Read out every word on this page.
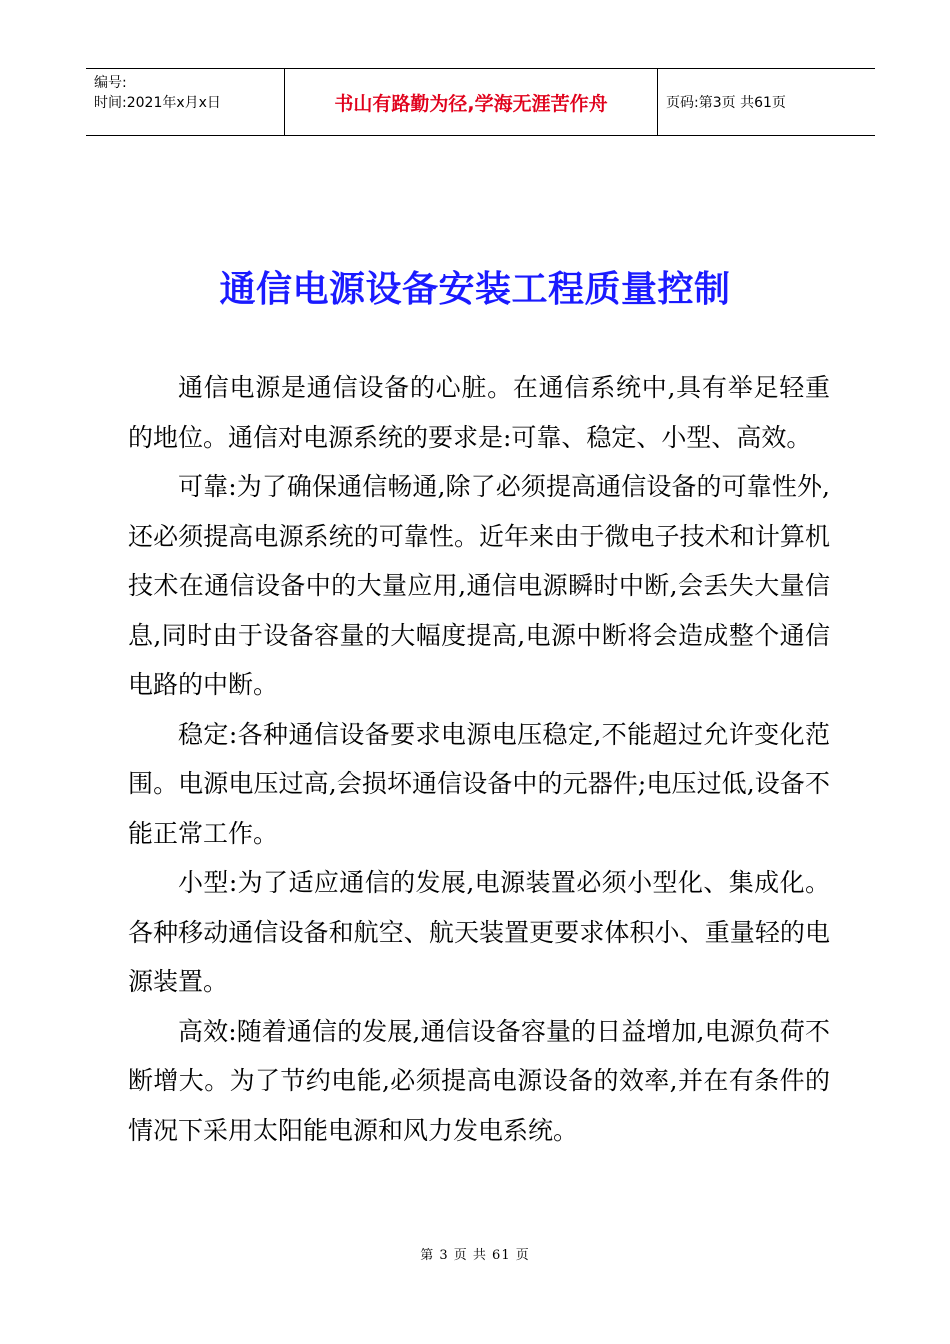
编号:
时间:2021年x月x日	书山有路勤为径,学海无涯苦作舟	页码:第3页 共61页
通信电源设备安装工程质量控制

通信电源是通信设备的心脏。在通信系统中,具有举足轻重的地位。通信对电源系统的要求是:可靠、稳定、小型、高效。

可靠:为了确保通信畅通,除了必须提高通信设备的可靠性外,还必须提高电源系统的可靠性。近年来由于微电子技术和计算机技术在通信设备中的大量应用,通信电源瞬时中断,会丢失大量信息,同时由于设备容量的大幅度提高,电源中断将会造成整个通信电路的中断。

稳定:各种通信设备要求电源电压稳定,不能超过允许变化范围。电源电压过高,会损坏通信设备中的元器件;电压过低,设备不能正常工作。

小型:为了适应通信的发展,电源装置必须小型化、集成化。各种移动通信设备和航空、航天装置更要求体积小、重量轻的电源装置。

高效:随着通信的发展,通信设备容量的日益增加,电源负荷不断增大。为了节约电能,必须提高电源设备的效率,并在有条件的情况下采用太阳能电源和风力发电系统。

第 3 页 共 61 页
